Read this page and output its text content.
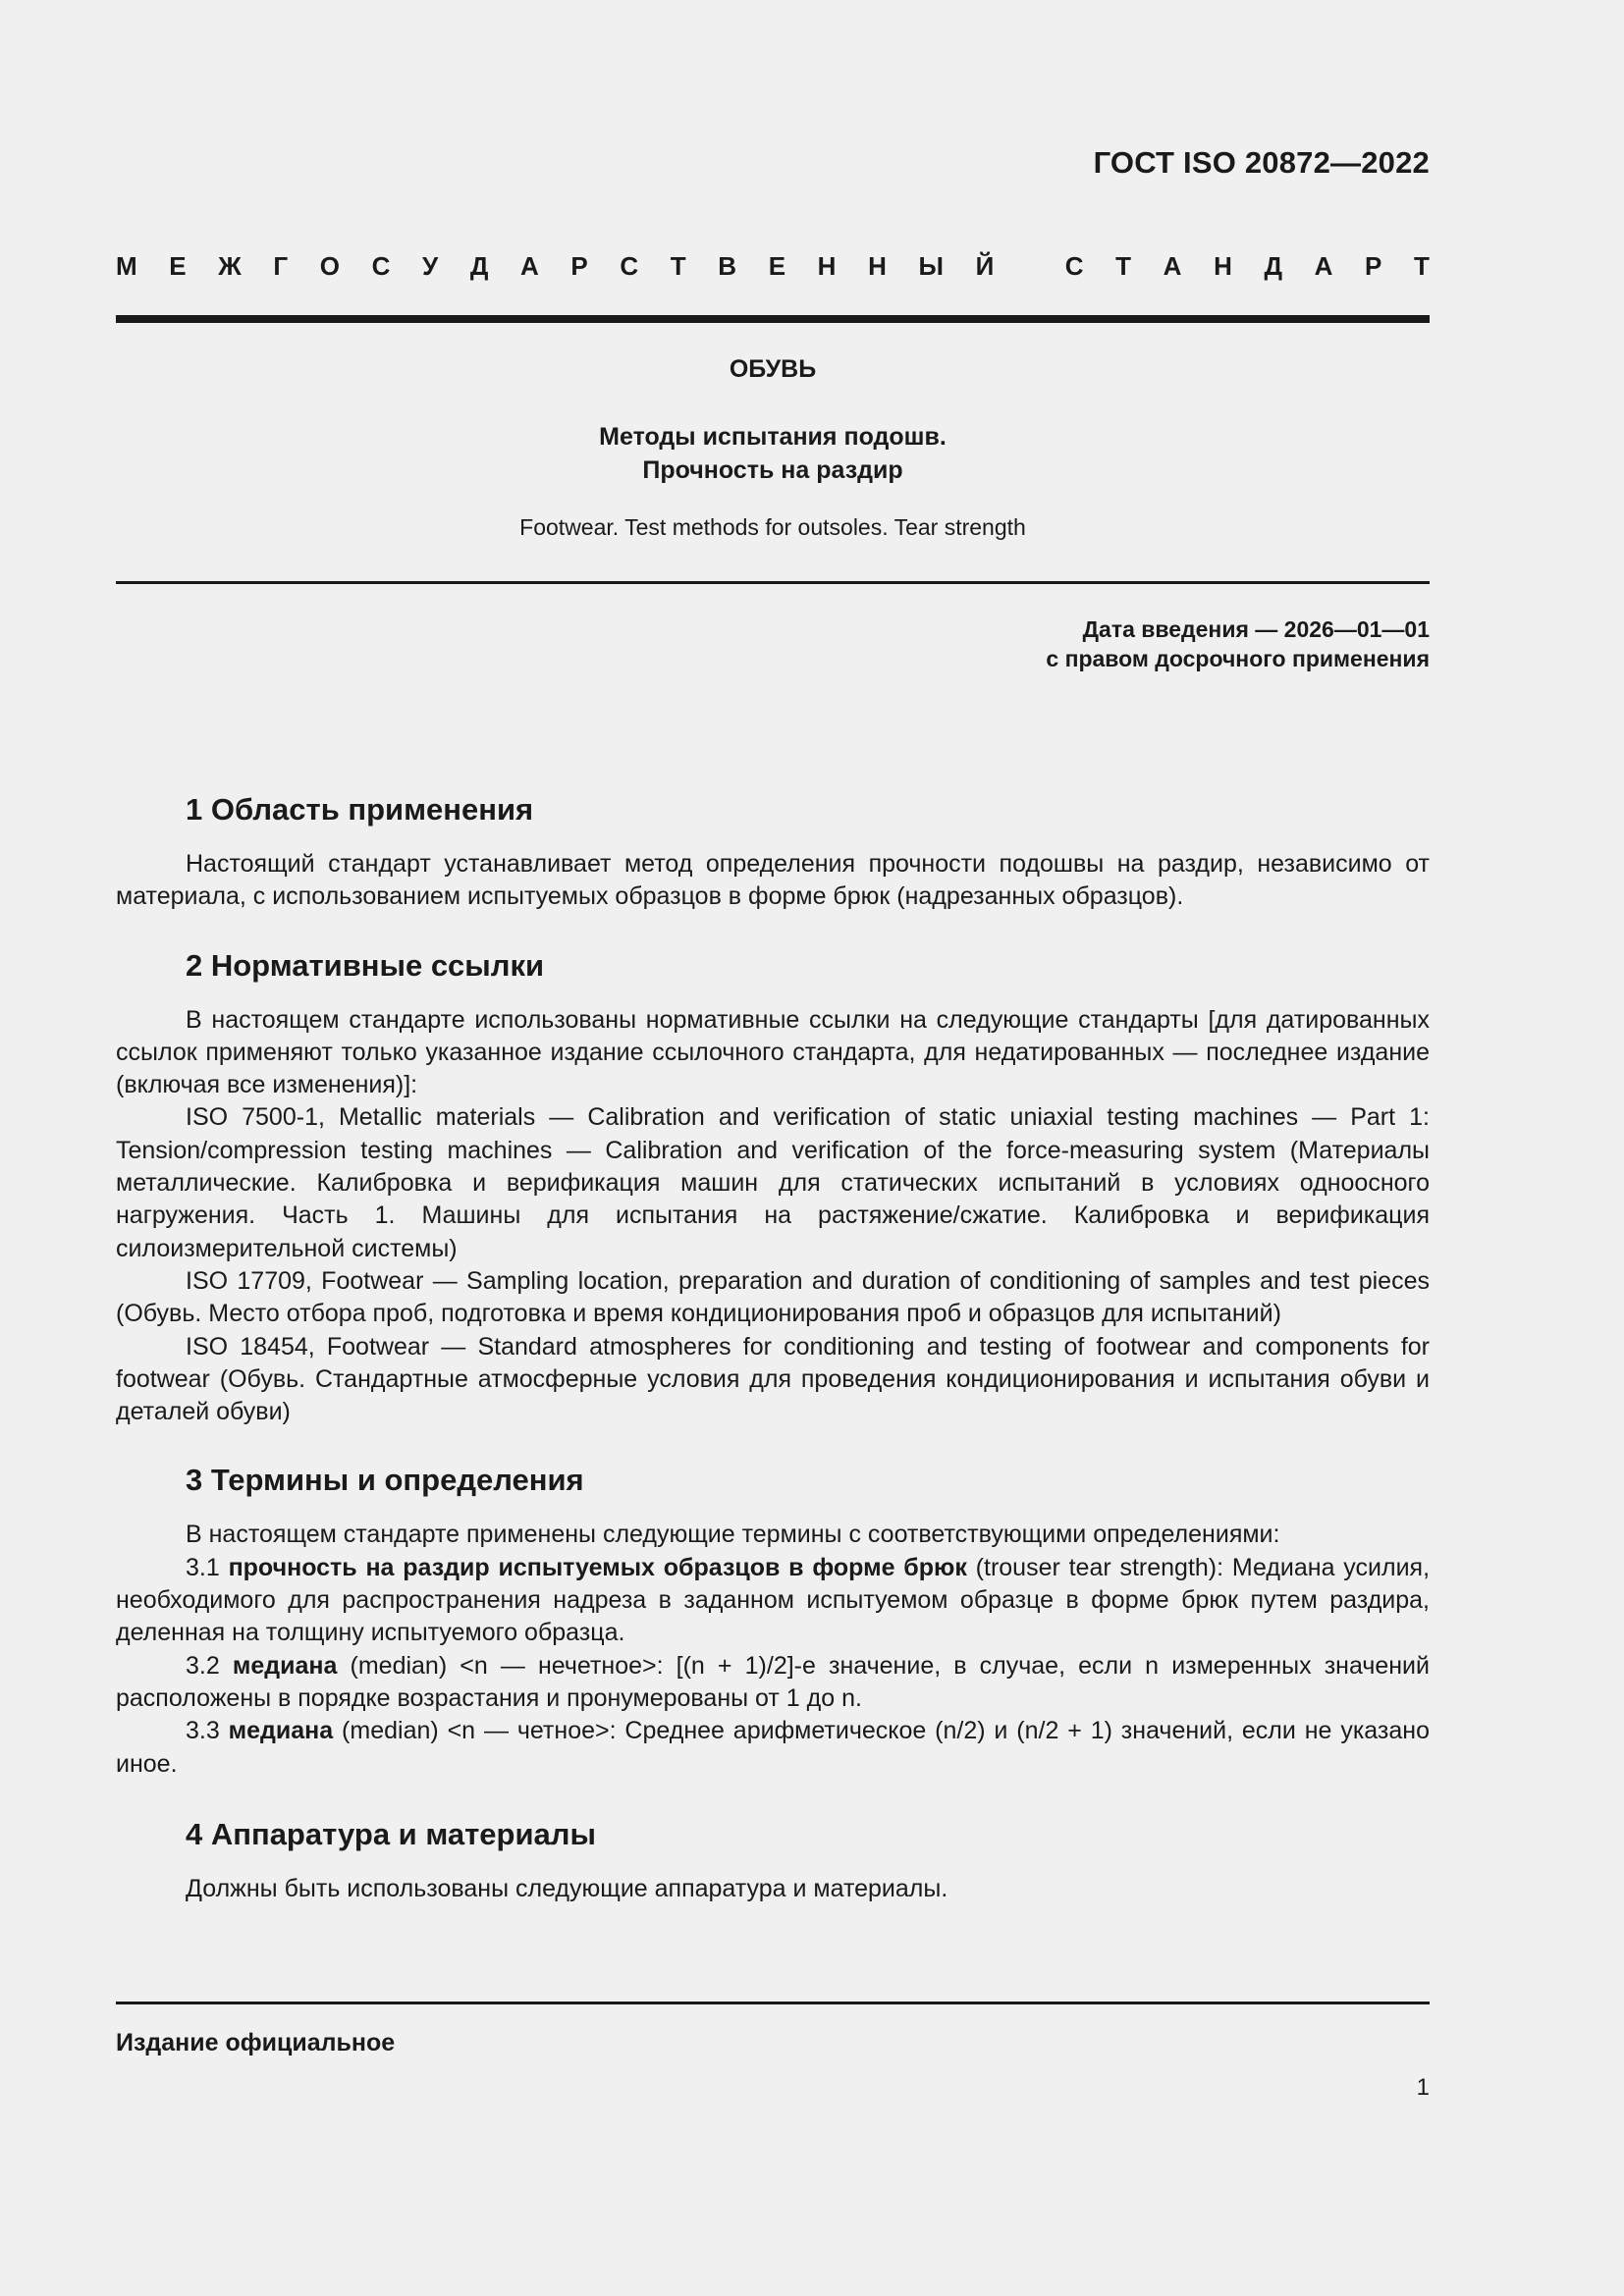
ГОСТ ISO 20872—2022
М Е Ж Г О С У Д А Р С Т В Е Н Н Ы Й
	С Т А Н Д А Р Т
ОБУВЬ
Методы испытания подошв.
Прочность на раздир
Footwear. Test methods for outsoles. Tear strength
Дата введения — 2026—01—01
с правом досрочного применения
1 Область применения

Настоящий стандарт устанавливает метод определения прочности подошвы на раздир, независимо от материала, с использованием испытуемых образцов в форме брюк (надрезанных образцов).

2 Нормативные ссылки

В настоящем стандарте использованы нормативные ссылки на следующие стандарты [для датированных ссылок применяют только указанное издание ссылочного стандарта, для недатированных — последнее издание (включая все изменения)]:

ISO 7500-1, Metallic materials — Calibration and verification of static uniaxial testing machines — Part 1: Tension/compression testing machines — Calibration and verification of the force-measuring system (Материалы металлические. Калибровка и верификация машин для статических испытаний в условиях одноосного нагружения. Часть 1. Машины для испытания на растяжение/сжатие. Калибровка и верификация силоизмерительной системы)

ISO 17709, Footwear — Sampling location, preparation and duration of conditioning of samples and test pieces (Обувь. Место отбора проб, подготовка и время кондиционирования проб и образцов для испытаний)

ISO 18454, Footwear — Standard atmospheres for conditioning and testing of footwear and components for footwear (Обувь. Стандартные атмосферные условия для проведения кондиционирования и испытания обуви и деталей обуви)

3 Термины и определения

В настоящем стандарте применены следующие термины с соответствующими определениями:

3.1 прочность на раздир испытуемых образцов в форме брюк (trouser tear strength): Медиана усилия, необходимого для распространения надреза в заданном испытуемом образце в форме брюк путем раздира, деленная на толщину испытуемого образца.

3.2 медиана (median) <n — нечетное>: [(n + 1)/2]-е значение, в случае, если n измеренных значений расположены в порядке возрастания и пронумерованы от 1 до n.

3.3 медиана (median) <n — четное>: Среднее арифметическое (n/2) и (n/2 + 1) значений, если не указано иное.

4 Аппаратура и материалы

Должны быть использованы следующие аппаратура и материалы.

Издание официальное
1
